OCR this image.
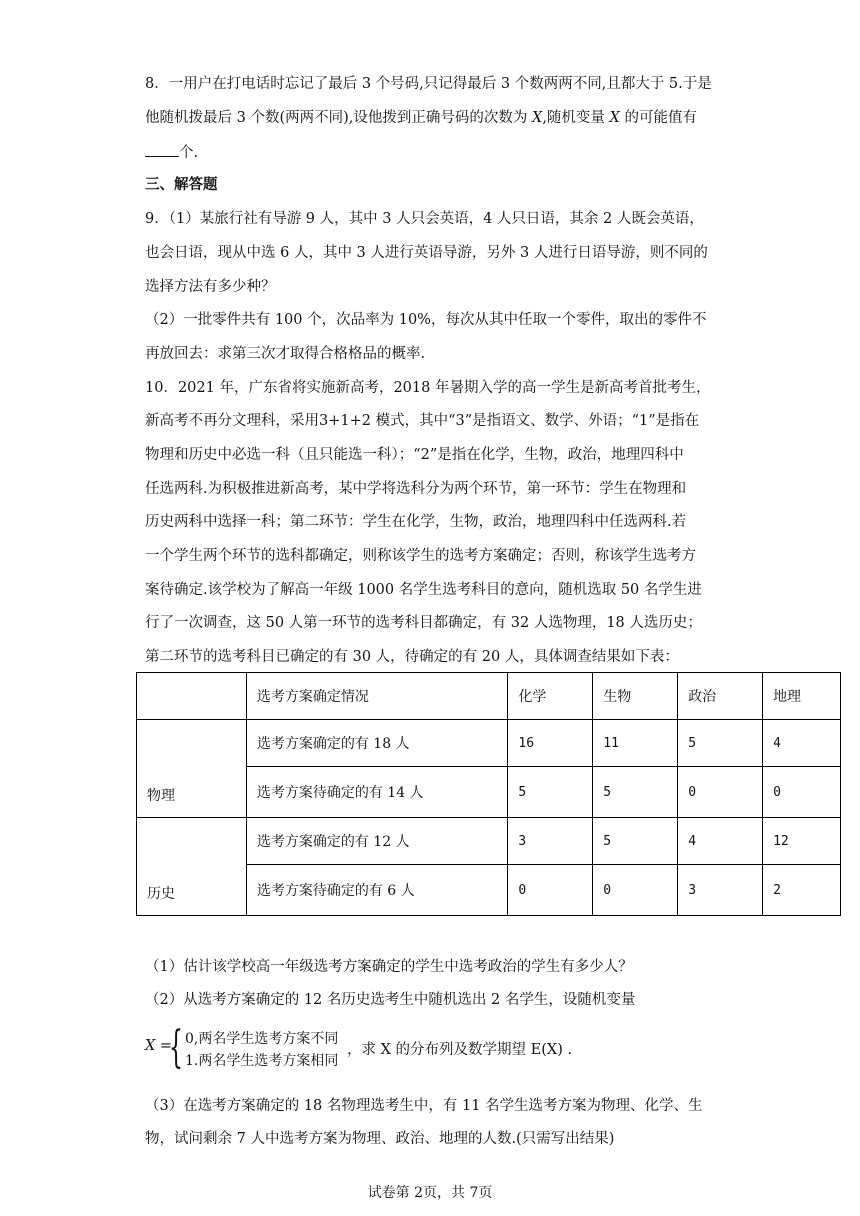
8．一用户在打电话时忘记了最后 3 个号码,只记得最后 3 个数两两不同,且都大于 5.于是
他随机拨最后 3 个数(两两不同),设他拨到正确号码的次数为 X,随机变量 X 的可能值有
个.
三、解答题
9．（1）某旅行社有导游 9 人，其中 3 人只会英语，4 人只日语，其余 2 人既会英语，
也会日语，现从中选 6 人，其中 3 人进行英语导游，另外 3 人进行日语导游，则不同的
选择方法有多少种？
（2）一批零件共有 100 个，次品率为 10%，每次从其中任取一个零件，取出的零件不
再放回去：求第三次才取得合格格品的概率.
10．2021 年，广东省将实施新高考，2018 年暑期入学的高一学生是新高考首批考生，
新高考不再分文理科，采用3+1+2 模式，其中“3”是指语文、数学、外语；“1”是指在
物理和历史中必选一科（且只能选一科）；“2”是指在化学，生物，政治，地理四科中
任选两科.为积极推进新高考，某中学将选科分为两个环节，第一环节：学生在物理和
历史两科中选择一科；第二环节：学生在化学，生物，政治，地理四科中任选两科.若
一个学生两个环节的选科都确定，则称该学生的选考方案确定；否则，称该学生选考方
案待确定.该学校为了解高一年级 1000 名学生选考科目的意向，随机选取 50 名学生进
行了一次调查，这 50 人第一环节的选考科目都确定，有 32 人选物理，18 人选历史；
第二环节的选考科目已确定的有 30 人，待确定的有 20 人，具体调查结果如下表：
	选考方案确定情况	化学	生物	政治	地理
物理	选考方案确定的有 18 人	16	11	5	4
	选考方案待确定的有 14 人	5	5	0	0
历史	选考方案确定的有 12 人	3	5	4	12
	选考方案待确定的有 6 人	0	0	3	2
（1）估计该学校高一年级选考方案确定的学生中选考政治的学生有多少人？
（2）从选考方案确定的 12 名历史选考生中随机选出 2 名学生，设随机变量
X =
{ 0,两名学生选考方案不同
1.两名学生选考方案相同
，求 X 的分布列及数学期望 E(X) .
（3）在选考方案确定的 18 名物理选考生中，有 11 名学生选考方案为物理、化学、生
物，试问剩余 7 人中选考方案为物理、政治、地理的人数.(只需写出结果)
试卷第 2页，共 7页
